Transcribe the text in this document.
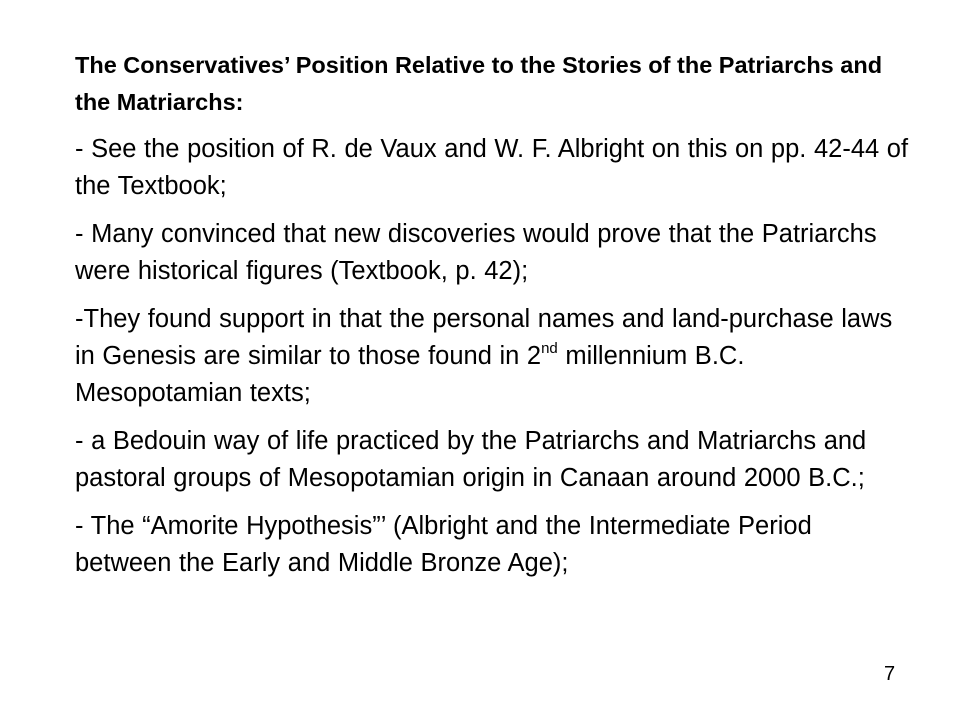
The Conservatives’ Position Relative to the Stories of the Patriarchs and the Matriarchs:
- See the position of R. de Vaux and W. F. Albright on this on pp. 42-44 of the Textbook;
- Many convinced that new discoveries would prove that the Patriarchs were historical figures (Textbook, p. 42);
-They found support in that the personal names and land-purchase laws in Genesis are similar to those found in 2nd millennium B.C. Mesopotamian texts;
- a Bedouin way of life practiced by the Patriarchs and Matriarchs and pastoral groups of Mesopotamian origin in Canaan around 2000 B.C.;
- The “Amorite Hypothesis”’ (Albright and the Intermediate Period between the Early and Middle Bronze Age);
7
